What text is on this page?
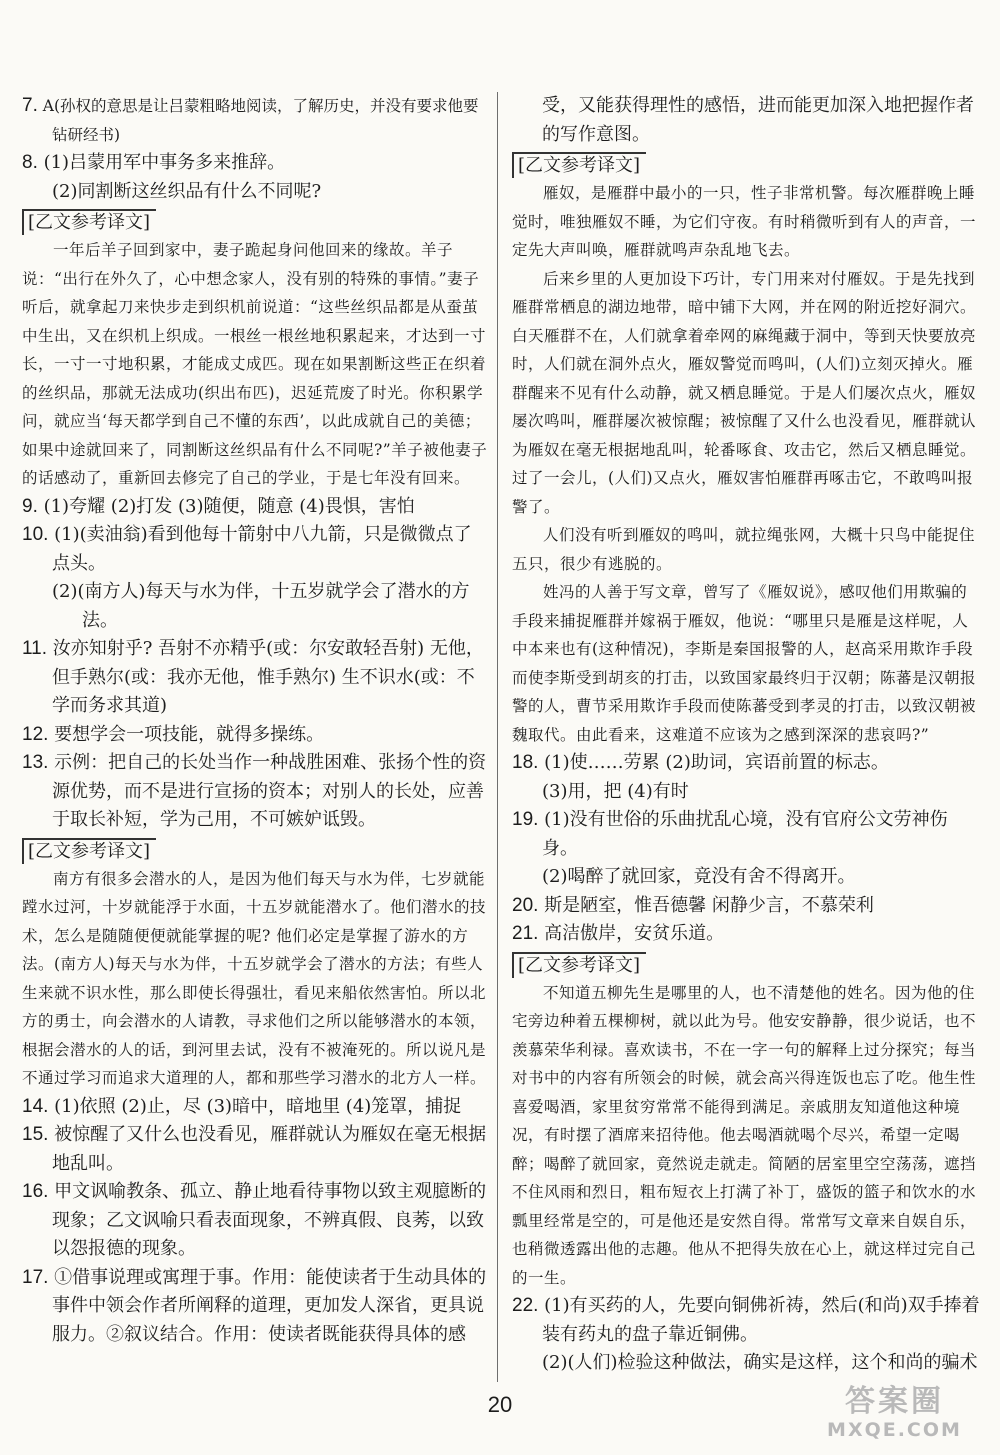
7. A(孙权的意思是让吕蒙粗略地阅读，了解历史，并没有要求他要钻研经书)

8. (1)吕蒙用军中事务多来推辞。

(2)同割断这丝织品有什么不同呢?

[乙文参考译文]

一年后羊子回到家中，妻子跪起身问他回来的缘故。羊子说：“出行在外久了，心中想念家人，没有别的特殊的事情。”妻子听后，就拿起刀来快步走到织机前说道：“这些丝织品都是从蚕茧中生出，又在织机上织成。一根丝一根丝地积累起来，才达到一寸长，一寸一寸地积累，才能成丈成匹。现在如果割断这些正在织着的丝织品，那就无法成功(织出布匹)，迟延荒废了时光。你积累学问，就应当‘每天都学到自己不懂的东西’，以此成就自己的美德；如果中途就回来了，同割断这丝织品有什么不同呢?”羊子被他妻子的话感动了，重新回去修完了自己的学业，于是七年没有回来。

9. (1)夸耀 (2)打发 (3)随便，随意 (4)畏惧，害怕

10. (1)(卖油翁)看到他每十箭射中八九箭，只是微微点了点头。

(2)(南方人)每天与水为伴，十五岁就学会了潜水的方法。

11. 汝亦知射乎? 吾射不亦精乎(或：尔安敢轻吾射) 无他，但手熟尔(或：我亦无他，惟手熟尔) 生不识水(或：不学而务求其道)

12. 要想学会一项技能，就得多操练。

13. 示例：把自己的长处当作一种战胜困难、张扬个性的资源优势，而不是进行宣扬的资本；对别人的长处，应善于取长补短，学为己用，不可嫉妒诋毁。

[乙文参考译文]

南方有很多会潜水的人，是因为他们每天与水为伴，七岁就能蹚水过河，十岁就能浮于水面，十五岁就能潜水了。他们潜水的技术，怎么是随随便便就能掌握的呢? 他们必定是掌握了游水的方法。(南方人)每天与水为伴，十五岁就学会了潜水的方法；有些人生来就不识水性，那么即使长得强壮，看见来船依然害怕。所以北方的勇士，向会潜水的人请教，寻求他们之所以能够潜水的本领，根据会潜水的人的话，到河里去试，没有不被淹死的。所以说凡是不通过学习而追求大道理的人，都和那些学习潜水的北方人一样。

14. (1)依照 (2)止，尽 (3)暗中，暗地里 (4)笼罩，捕捉

15. 被惊醒了又什么也没看见，雁群就认为雁奴在毫无根据地乱叫。

16. 甲文讽喻教条、孤立、静止地看待事物以致主观臆断的现象；乙文讽喻只看表面现象，不辨真假、良莠，以致以怨报德的现象。

17. ①借事说理或寓理于事。作用：能使读者于生动具体的事件中领会作者所阐释的道理，更加发人深省，更具说服力。②叙议结合。作用：使读者既能获得具体的感

受，又能获得理性的感悟，进而能更加深入地把握作者的写作意图。

[乙文参考译文]

雁奴，是雁群中最小的一只，性子非常机警。每次雁群晚上睡觉时，唯独雁奴不睡，为它们守夜。有时稍微听到有人的声音，一定先大声叫唤，雁群就鸣声杂乱地飞去。

后来乡里的人更加设下巧计，专门用来对付雁奴。于是先找到雁群常栖息的湖边地带，暗中铺下大网，并在网的附近挖好洞穴。白天雁群不在，人们就拿着牵网的麻绳藏于洞中，等到天快要放亮时，人们就在洞外点火，雁奴警觉而鸣叫，(人们)立刻灭掉火。雁群醒来不见有什么动静，就又栖息睡觉。于是人们屡次点火，雁奴屡次鸣叫，雁群屡次被惊醒；被惊醒了又什么也没看见，雁群就认为雁奴在毫无根据地乱叫，轮番啄食、攻击它，然后又栖息睡觉。过了一会儿，(人们)又点火，雁奴害怕雁群再啄击它，不敢鸣叫报警了。

人们没有听到雁奴的鸣叫，就拉绳张网，大概十只鸟中能捉住五只，很少有逃脱的。

姓冯的人善于写文章，曾写了《雁奴说》，感叹他们用欺骗的手段来捕捉雁群并嫁祸于雁奴，他说：“哪里只是雁是这样呢，人中本来也有(这种情况)，李斯是秦国报警的人，赵高采用欺诈手段而使李斯受到胡亥的打击，以致国家最终归于汉朝；陈蕃是汉朝报警的人，曹节采用欺诈手段而使陈蕃受到孝灵的打击，以致汉朝被魏取代。由此看来，这难道不应该为之感到深深的悲哀吗?”

18. (1)使……劳累 (2)助词，宾语前置的标志。

(3)用，把 (4)有时

19. (1)没有世俗的乐曲扰乱心境，没有官府公文劳神伤身。

(2)喝醉了就回家，竟没有舍不得离开。

20. 斯是陋室，惟吾德馨 闲静少言，不慕荣利

21. 高洁傲岸，安贫乐道。

[乙文参考译文]

不知道五柳先生是哪里的人，也不清楚他的姓名。因为他的住宅旁边种着五棵柳树，就以此为号。他安安静静，很少说话，也不羡慕荣华利禄。喜欢读书，不在一字一句的解释上过分探究；每当对书中的内容有所领会的时候，就会高兴得连饭也忘了吃。他生性喜爱喝酒，家里贫穷常常不能得到满足。亲戚朋友知道他这种境况，有时摆了酒席来招待他。他去喝酒就喝个尽兴，希望一定喝醉；喝醉了就回家，竟然说走就走。简陋的居室里空空荡荡，遮挡不住风雨和烈日，粗布短衣上打满了补丁，盛饭的篮子和饮水的水瓢里经常是空的，可是他还是安然自得。常常写文章来自娱自乐，也稍微透露出他的志趣。他从不把得失放在心上，就这样过完自己的一生。

22. (1)有买药的人，先要向铜佛祈祷，然后(和尚)双手捧着装有药丸的盘子靠近铜佛。

(2)(人们)检验这种做法，确实是这样，这个和尚的骗术

20	答案圈
MXQE.COM
